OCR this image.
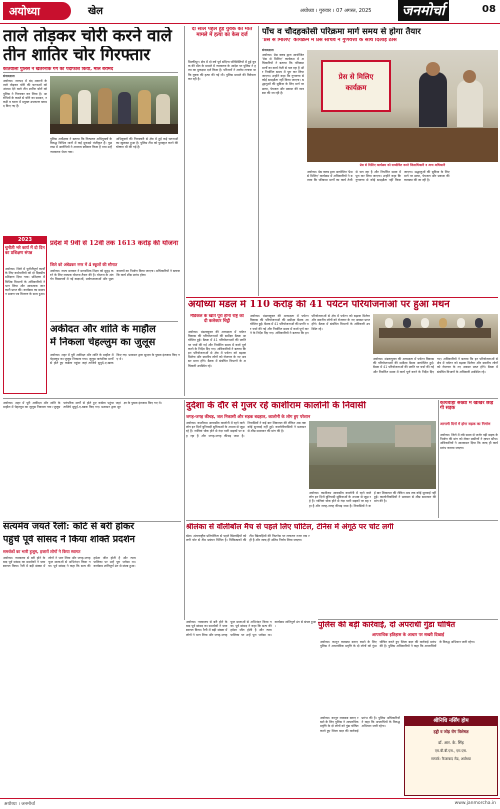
अयोध्या	खेल	अयोध्या । गुरुवार । 07 अगस्त, 2025 जनमोर्चा	08
ताले तोड़कर चोरी करने वाले
तीन शातिर चोर गिरफ्तार
कोतवाली पुलिस ने खतरनाक गैंग का पर्दाफाश किया, माल बरामद
संवाददाता
अयोध्या। जनपद में बंद मकानों के ताले तोड़कर चोरी की घटनाओं को अंजाम देने वाले तीन शातिर चोरों को पुलिस ने गिरफ्तार कर लिया है। आरोपियों के कब्जे से चोरी का सामान, नकदी व घटना में प्रयुक्त उपकरण बरामद किए गए हैं।
पुलिस अधीक्षक ने बताया कि गिरफ्तार अभियुक्तों के विरुद्ध विभिन्न थानों में कई मुकदमे पंजीकृत हैं। पूछताछ में आरोपियों ने अपराध स्वीकार किया है तथा उन्हें न्यायालय भेजा गया।
अभियुक्तों की गिरफ्तारी से क्षेत्र में हुई कई घटनाओं का खुलासा हुआ है। पुलिस टीम को पुरस्कृत करने की घोषणा भी की गई है।
2023
चुनौती भरे कार्य में दो दिन का प्रशिक्षण संपन्न
अयोध्या। जिले में चुनौतीपूर्ण कार्यों के लिए कर्मचारियों को दो दिवसीय प्रशिक्षण दिया गया। प्रशिक्षण में विभिन्न विभागों के अधिकारियों ने भाग लिया और आवश्यक जानकारी प्राप्त की। कार्यक्रम का समापन प्रमाण पत्र वितरण के साथ हुआ।
प्रदेश में 9वीं से 12वीं तक 1613 करोड़ की योजना
जिले को अंबेडकर नगर में 4 स्कूलों की सौगात
अयोध्या। राज्य सरकार ने माध्यमिक शिक्षा को सुदृढ़ करने के लिए व्यापक योजना तैयार की है। योजना के अंतर्गत विद्यालयों में नई कक्षाओं, प्रयोगशालाओं और पुस्तकालयों का निर्माण किया जाएगा। अधिकारियों ने बताया कि कार्य शीघ्र प्रारंभ होगा।
अकीदत और शांति के माहौल
में निकला चेहल्लुम का जुलूस
अयोध्या। शहर में पूरी अकीदत और शांति के माहौल में चेहल्लुम का जुलूस निकाला गया। जुलूस पारंपरिक मार्गों से होते हुए कर्बला पहुंचा जहां ताजिये सुपुर्द-ए-खाक किए गए। प्रशासन द्वारा सुरक्षा के पुख्ता इंतजाम किए गए थे।
दो साल पहले हुई युवक की मौत मामले में हत्या का केस दर्ज
मिल्कीपुर। क्षेत्र में दो वर्ष पूर्व संदिग्ध परिस्थितियों में हुई युवक की मौत के मामले में न्यायालय के आदेश पर पुलिस ने हत्या का मुकदमा दर्ज किया है। परिजनों ने आरोप लगाया था कि युवक की हत्या की गई थी। पुलिस मामले की विवेचना कर रही है।
पाँच व चौदहकोसी परिक्रमा मार्ग समय से होगा तैयार
'प्रेस से मिलिए' कार्यक्रम में प्रेस सचिव ने गुणवत्ता के साथ दिलाई ठोस
संवाददाता
अयोध्या। प्रेस क्लब द्वारा आयोजित 'प्रेस से मिलिए' कार्यक्रम में अधिकारियों ने बताया कि परिक्रमा मार्गों का कार्य तेजी से चल रहा है और निर्धारित समय में पूरा कर लिया जाएगा। उन्होंने कहा कि गुणवत्ता से कोई समझौता नहीं किया जाएगा। श्रद्धालुओं की सुविधा के लिए मार्ग पर छाया, पेयजल और प्रकाश की व्यवस्था की जा रही है।
प्रेस से मिलिए
कार्यक्रम
प्रेस से मिलिए कार्यक्रम को सम्बोधित करते जिलाधिकारी व अन्य अधिकारी
अयोध्या। प्रेस क्लब द्वारा आयोजित 'प्रेस से मिलिए' कार्यक्रम में अधिकारियों ने बताया कि परिक्रमा मार्गों का कार्य तेजी से चल रहा है और निर्धारित समय में पूरा कर लिया जाएगा। उन्होंने कहा कि गुणवत्ता से कोई समझौता नहीं किया जाएगा। श्रद्धालुओं की सुविधा के लिए मार्ग पर छाया, पेयजल और प्रकाश की व्यवस्था की जा रही है।
अयोध्या मंडल में 110 करोड़ की 41 पर्यटन परियोजनाओं पर हुआ मंथन
मेडिकल के खाते पूरा होना राष्ट्र को दी कलेक्टर चिट्ठी
अयोध्या। मंडलायुक्त की अध्यक्षता में पर्यटन विकास की परियोजनाओं की समीक्षा बैठक आयोजित हुई। बैठक में 41 परियोजनाओं की प्रगति पर चर्चा की गई और निर्धारित समय में कार्य पूर्ण करने के निर्देश दिए गए। अधिकारियों ने बताया कि इन परियोजनाओं से क्षेत्र में पर्यटन को बढ़ावा मिलेगा और स्थानीय लोगों को रोजगार के नए अवसर प्राप्त होंगे। बैठक में संबंधित विभागों के अधिकारी उपस्थित रहे।
अयोध्या। मंडलायुक्त की अध्यक्षता में पर्यटन विकास की परियोजनाओं की समीक्षा बैठक आयोजित हुई। बैठक में 41 परियोजनाओं की प्रगति पर चर्चा की गई और निर्धारित समय में कार्य पूर्ण करने के निर्देश दिए गए। अधिकारियों ने बताया कि इन परियोजनाओं से क्षेत्र में पर्यटन को बढ़ावा मिलेगा और स्थानीय लोगों को रोजगार के नए अवसर प्राप्त होंगे। बैठक में संबंधित विभागों के अधिकारी उपस्थित रहे।
अयोध्या। मंडलायुक्त की अध्यक्षता में पर्यटन विकास की परियोजनाओं की समीक्षा बैठक आयोजित हुई। बैठक में 41 परियोजनाओं की प्रगति पर चर्चा की गई और निर्धारित समय में कार्य पूर्ण करने के निर्देश दिए गए। अधिकारियों ने बताया कि इन परियोजनाओं से क्षेत्र में पर्यटन को बढ़ावा मिलेगा और स्थानीय लोगों को रोजगार के नए अवसर प्राप्त होंगे। बैठक में संबंधित विभागों के अधिकारी उपस्थित रहे।
दुर्दशा के दौर से गुजर रहे काशीराम कालोनी के निवासी
जगह-जगह कीचड़, जल निकासी और सड़क बदहाल, कालोनी के लोग हुए परेशान
अयोध्या। काशीराम आवासीय कालोनी में रहने वाले लोग इन दिनों बुनियादी सुविधाओं के अभाव से जूझ रहे हैं। नालियां चोक होने से गंदा पानी सड़कों पर बह रहा है और जगह-जगह कीचड़ जमा है। निवासियों ने कई बार शिकायत की लेकिन अब तक कोई सुनवाई नहीं हुई। कालोनीवासियों ने प्रशासन से शीघ्र समाधान की मांग की है।
अयोध्या। काशीराम आवासीय कालोनी में रहने वाले लोग इन दिनों बुनियादी सुविधाओं के अभाव से जूझ रहे हैं। नालियां चोक होने से गंदा पानी सड़कों पर बह रहा है और जगह-जगह कीचड़ जमा है। निवासियों ने कई बार शिकायत की लेकिन अब तक कोई सुनवाई नहीं हुई। कालोनीवासियों ने प्रशासन से शीघ्र समाधान की मांग की है।
श्रीलंका से वॉलीबॉल मैच से पहले लिए घोटिल, टेनिस में अंगूठे पर चोट लगी
खेल। अंतरराष्ट्रीय प्रतियोगिता से पहले खिलाड़ियों को लगी चोट से टीम प्रबंधन चिंतित है। चिकित्सकों की टीम खिलाड़ियों की फिटनेस पर लगातार नजर रख रही है और जल्द ही अंतिम निर्णय लिया जाएगा।
अयोध्या। शहर में पूरी अकीदत और शांति के माहौल में चेहल्लुम का जुलूस निकाला गया। जुलूस पारंपरिक मार्गों से होते हुए कर्बला पहुंचा जहां ताजिये सुपुर्द-ए-खाक किए गए। प्रशासन द्वारा सुरक्षा के पुख्ता इंतजाम किए गए थे।
सत्यमेव जयते रैली: कोर्ट से बरी होकर
पहुंचे पूर्व सांसद ने किया शक्ति प्रदर्शन
समर्थकों का भारी हुजूम, हजारों लोगों ने किया स्वागत
अयोध्या। न्यायालय से बरी होने के बाद पूर्व सांसद का समर्थकों ने भव्य स्वागत किया। रैली में बड़ी संख्या में लोगों ने भाग लिया और जगह-जगह फूल मालाओं से अभिनंदन किया गया। पूर्व सांसद ने कहा कि सत्य की हमेशा जीत होती है और न्यायपालिका पर उन्हें पूरा भरोसा था। कार्यक्रम शांतिपूर्ण ढंग से संपन्न हुआ।
अयोध्या। न्यायालय से बरी होने के बाद पूर्व सांसद का समर्थकों ने भव्य स्वागत किया। रैली में बड़ी संख्या में लोगों ने भाग लिया और जगह-जगह फूल मालाओं से अभिनंदन किया गया। पूर्व सांसद ने कहा कि सत्य की हमेशा जीत होती है और न्यायपालिका पर उन्हें पूरा भरोसा था। कार्यक्रम शांतिपूर्ण ढंग से संपन्न हुआ।	पुलिस की बड़ी कार्रवाई, दो अपराधी गुंडा घोषित
आपराधिक इतिहास के आधार पर सख्ती दिखाई
अयोध्या। कानून व्यवस्था बनाए रखने के लिए पुलिस ने आपराधिक प्रवृत्ति के दो लोगों को गुंडा घोषित करते हुए जिला बदर की कार्रवाई प्रारंभ की है। पुलिस अधिकारियों ने कहा कि अपराधियों के विरुद्ध अभियान जारी रहेगा।
श्रीनिधि नर्सिंग होम
हड्डी व जोड़ रोग विशेषज्ञ
डॉ. आर. के. सिंह
एम.बी.बी.एस., एम.एस.
सम्पर्क: फैजाबाद रोड, अयोध्या
अयोध्या। कानून व्यवस्था बनाए रखने के लिए पुलिस ने आपराधिक प्रवृत्ति के दो लोगों को गुंडा घोषित करते हुए जिला बदर की कार्रवाई प्रारंभ की है। पुलिस अधिकारियों ने कहा कि अपराधियों के विरुद्ध अभियान जारी रहेगा।
कार्यवाही संख्या में खोखर छोड़ गी सड़क
आगामी दिनों में होगा सड़क का निर्माण
अयोध्या। जिले में लंबे समय से जर्जर पड़ी सड़क के निर्माण की मांग को लेकर ग्रामीणों ने ज्ञापन सौंपा। अधिकारियों ने आश्वासन दिया कि जल्द ही कार्य प्रारंभ कराया जाएगा।
अयोध्या । जनमोर्चा	www.janmorcha.in
